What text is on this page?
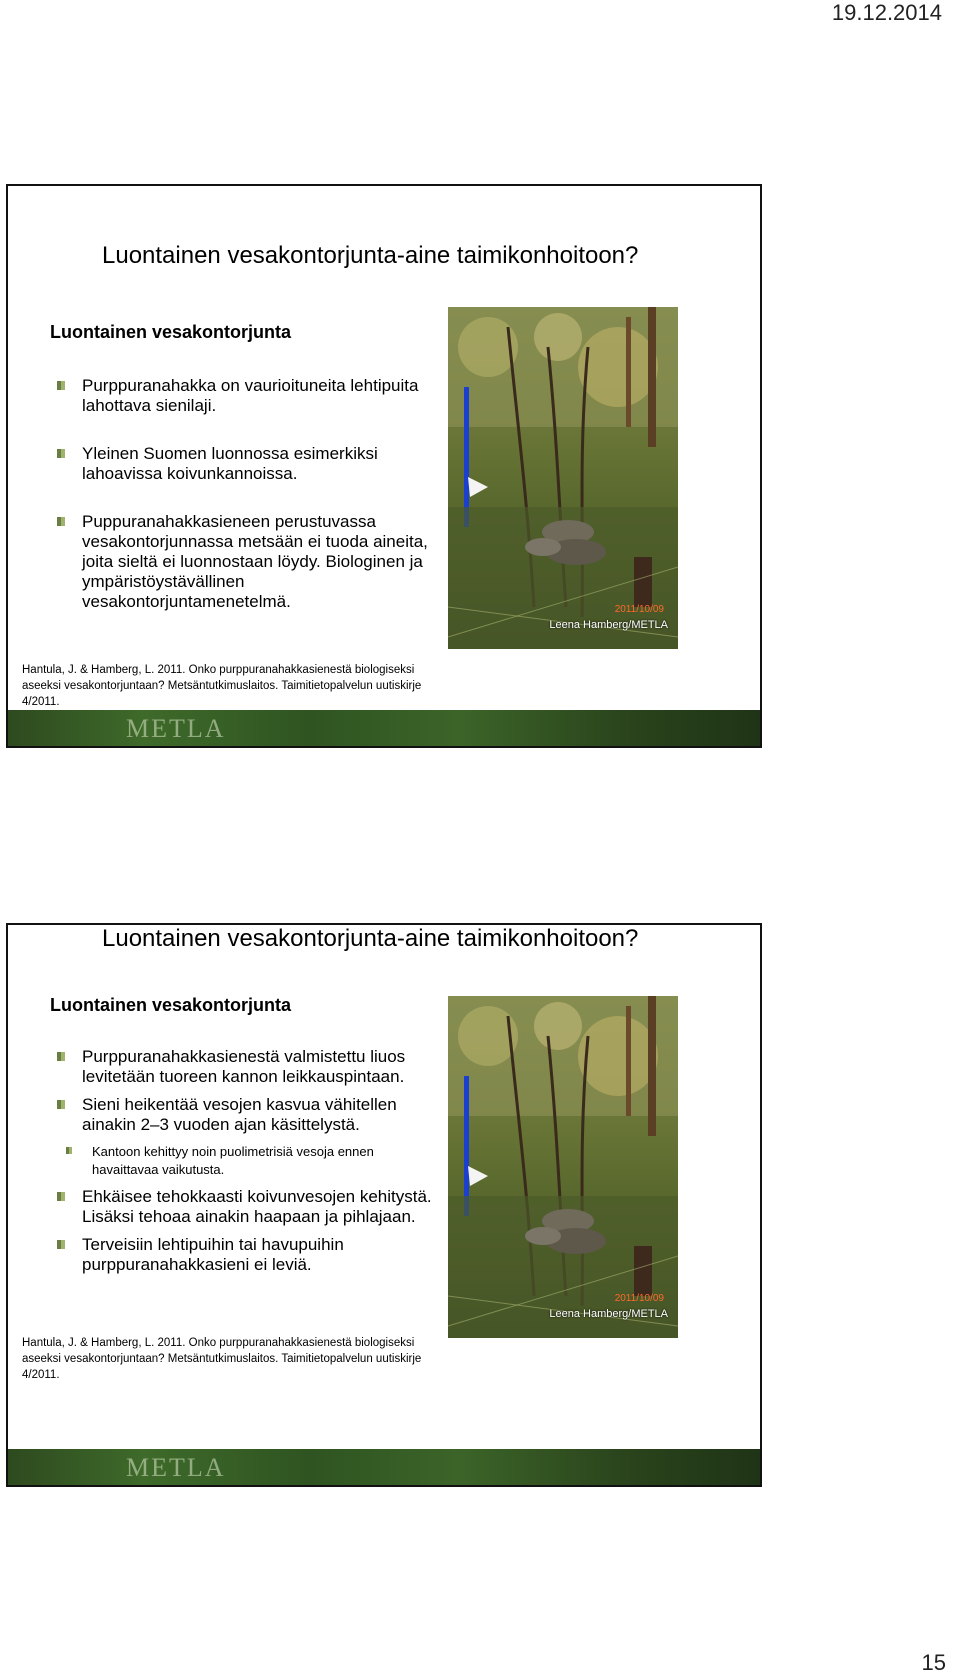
19.12.2014
Luontainen vesakontorjunta-aine taimikonhoitoon?
Luontainen vesakontorjunta
Purppuranahakka on vaurioituneita lehtipuita lahottava sienilaji.
Yleinen Suomen luonnossa esimerkiksi lahoavissa koivunkannoissa.
Puppuranahakkasieneen perustuvassa vesakontorjunnassa metsään ei tuoda aineita, joita sieltä ei luonnostaan löydy. Biologinen ja ympäristöystävällinen vesakontorjuntamenetelmä.
Hantula, J. & Hamberg, L. 2011. Onko purppuranahakkasienestä biologiseksi aseeksi vesakontorjuntaan? Metsäntutkimuslaitos. Taimitietopalvelun uutiskirje 4/2011.
2011/10/09
Leena Hamberg/METLA
METLA
Luontainen vesakontorjunta-aine taimikonhoitoon?
Luontainen vesakontorjunta
Purppuranahakkasienestä valmistettu liuos levitetään tuoreen kannon leikkauspintaan.
Sieni heikentää vesojen kasvua vähitellen ainakin 2–3 vuoden ajan käsittelystä.
Kantoon kehittyy noin puolimetrisiä vesoja ennen havaittavaa vaikutusta.
Ehkäisee tehokkaasti koivunvesojen kehitystä. Lisäksi tehoaa ainakin haapaan ja pihlajaan.
Terveisiin lehtipuihin tai havupuihin purppuranahakkasieni ei leviä.
Hantula, J. & Hamberg, L. 2011. Onko purppuranahakkasienestä biologiseksi aseeksi vesakontorjuntaan? Metsäntutkimuslaitos. Taimitietopalvelun uutiskirje 4/2011.
2011/10/09
Leena Hamberg/METLA
METLA
15
